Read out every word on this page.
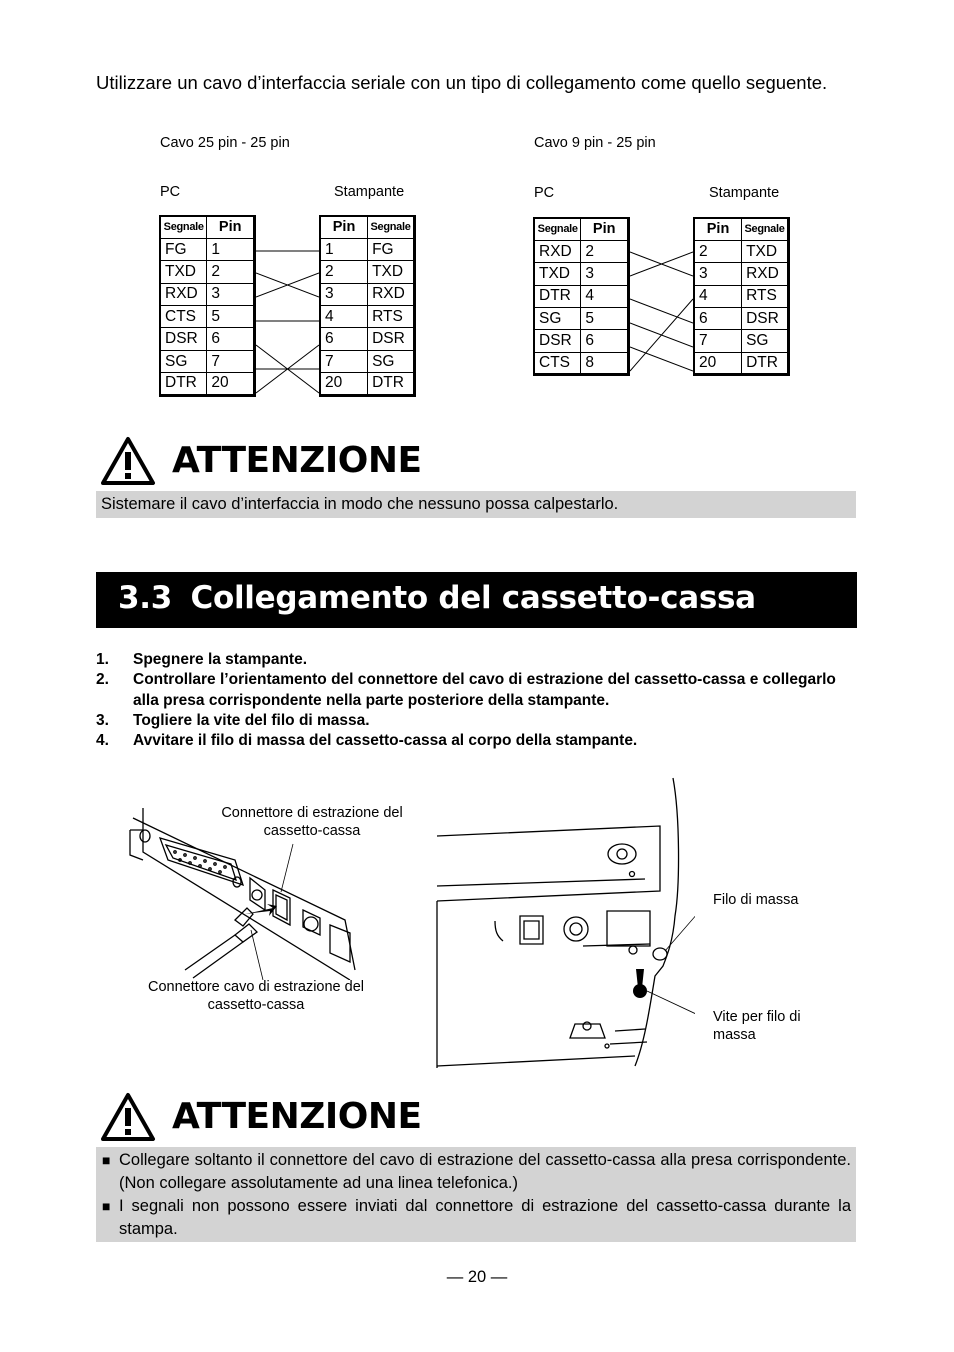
Utilizzare un cavo d’interfaccia seriale con un tipo di collegamento come quello seguente.
Cavo 25 pin - 25 pin
PC	Stampante
Segnale	Pin
FG	1
TXD	2
RXD	3
CTS	5
DSR	6
SG	7
DTR	20
Pin	Segnale
1	FG
2	TXD
3	RXD
4	RTS
6	DSR
7	SG
20	DTR
Cavo 9 pin - 25 pin
PC	Stampante
Segnale	Pin
RXD	2
TXD	3
DTR	4
SG	5
DSR	6
CTS	8
Pin	Segnale
2	TXD
3	RXD
4	RTS
6	DSR
7	SG
20	DTR
ATTENZIONE
Sistemare il cavo d’interfaccia in modo che nessuno possa calpestarlo.
3.3 Collegamento del cassetto-cassa
1.	Spegnere la stampante.
2.	Controllare l’orientamento del connettore del cavo di estrazione del cassetto-cassa e collegarlo alla presa corrispondente nella parte posteriore della stampante.
3.	Togliere la vite del filo di massa.
4.	Avvitare il filo di massa del cassetto-cassa al corpo della stampante.
Connettore di estrazione del cassetto-cassa
Connettore cavo di estrazione del cassetto-cassa
Filo di massa
Vite per filo di massa
ATTENZIONE
■ Collegare soltanto il connettore del cavo di estrazione del cassetto-cassa alla presa corrispondente. (Non collegare assolutamente ad una linea telefonica.)
■ I segnali non possono essere inviati dal connettore di estrazione del cassetto-cassa durante la stampa.
— 20 —
